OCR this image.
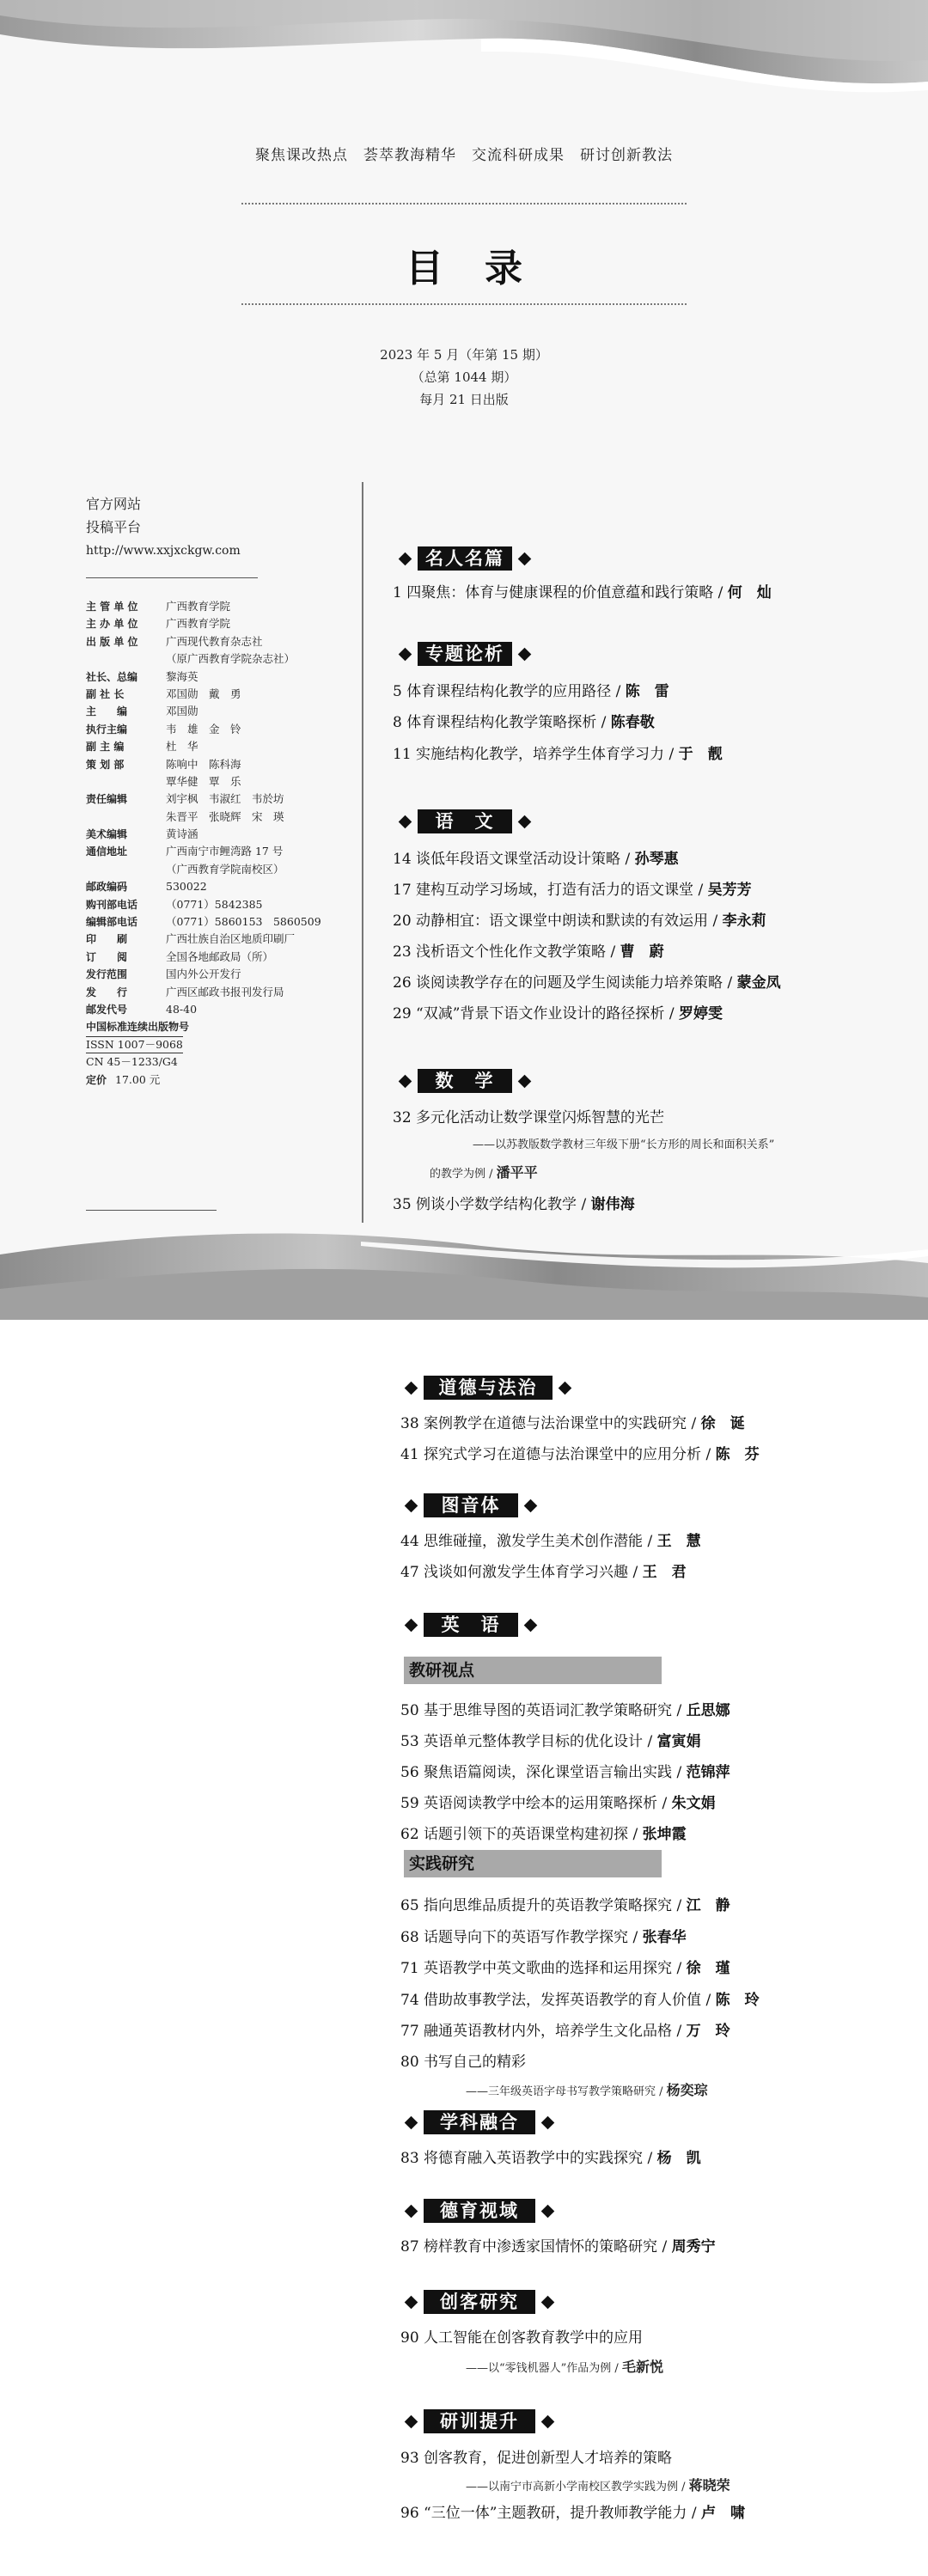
聚焦课改热点　荟萃教海精华　交流科研成果　研讨创新教法
目录
2023 年 5 月（年第 15 期）
（总第 1044 期）
每月 21 日出版
官方网站
投稿平台
http://www.xxjxckgw.com
主 管 单 位	广西教育学院
主 办 单 位	广西教育学院
出 版 单 位	广西现代教育杂志社
（原广西教育学院杂志社）
社长、总编	黎海英
副 社 长	邓国勋　戴　勇
主　　编	邓国勋
执行主编	韦　雄　金　铃
副 主 编	杜　华
策 划 部	陈响中　陈科海
覃华健　覃　乐
责任编辑	刘宇枫　韦淑红　韦於坊
朱晋平　张晓辉　宋　瑛
美术编辑	黄诗涵
通信地址	广西南宁市鲤湾路 17 号
（广西教育学院南校区）
邮政编码	530022
购刊部电话	（0771）5842385
编辑部电话	（0771）5860153　5860509
印　　刷	广西壮族自治区地质印刷厂
订　　阅	全国各地邮政局（所）
发行范围	国内外公开发行
发　　行	广西区邮政书报刊发行局
邮发代号	48-40
中国标准连续出版物号
ISSN 1007－9068
CN 45－1233/G4
定价 17.00 元
名人名篇
1 四聚焦：体育与健康课程的价值意蕴和践行策略 / 何　灿
专题论析
5 体育课程结构化教学的应用路径 / 陈　雷
8 体育课程结构化教学策略探析 / 陈春敬
11 实施结构化教学，培养学生体育学习力 / 于　靓
语　文
14 谈低年段语文课堂活动设计策略 / 孙琴惠
17 建构互动学习场域，打造有活力的语文课堂 / 吴芳芳
20 动静相宜：语文课堂中朗读和默读的有效运用 / 李永莉
23 浅析语文个性化作文教学策略 / 曹　蔚
26 谈阅读教学存在的问题及学生阅读能力培养策略 / 蒙金凤
29 “双减”背景下语文作业设计的路径探析 / 罗婷雯
数　学
32 多元化活动让数学课堂闪烁智慧的光芒
——以苏教版数学教材三年级下册“长方形的周长和面积关系”
的教学为例 / 潘平平
35 例谈小学数学结构化教学 / 谢伟海
道德与法治
38 案例教学在道德与法治课堂中的实践研究 / 徐　诞
41 探究式学习在道德与法治课堂中的应用分析 / 陈　芬
图音体
44 思维碰撞，激发学生美术创作潜能 / 王　慧
47 浅谈如何激发学生体育学习兴趣 / 王　君
英　语
教研视点
50 基于思维导图的英语词汇教学策略研究 / 丘思娜
53 英语单元整体教学目标的优化设计 / 富寅娟
56 聚焦语篇阅读，深化课堂语言输出实践 / 范锦萍
59 英语阅读教学中绘本的运用策略探析 / 朱文娟
62 话题引领下的英语课堂构建初探 / 张坤霞
实践研究
65 指向思维品质提升的英语教学策略探究 / 江　静
68 话题导向下的英语写作教学探究 / 张春华
71 英语教学中英文歌曲的选择和运用探究 / 徐　瑾
74 借助故事教学法，发挥英语教学的育人价值 / 陈　玲
77 融通英语教材内外，培养学生文化品格 / 万　玲
80 书写自己的精彩
——三年级英语字母书写教学策略研究 / 杨奕琮
学科融合
83 将德育融入英语教学中的实践探究 / 杨　凯
德育视域
87 榜样教育中渗透家国情怀的策略研究 / 周秀宁
创客研究
90 人工智能在创客教育教学中的应用
——以“零钱机器人”作品为例 / 毛新悦
研训提升
93 创客教育，促进创新型人才培养的策略
——以南宁市高新小学南校区教学实践为例 / 蒋晓荣
96 “三位一体”主题教研，提升教师教学能力 / 卢　啸
